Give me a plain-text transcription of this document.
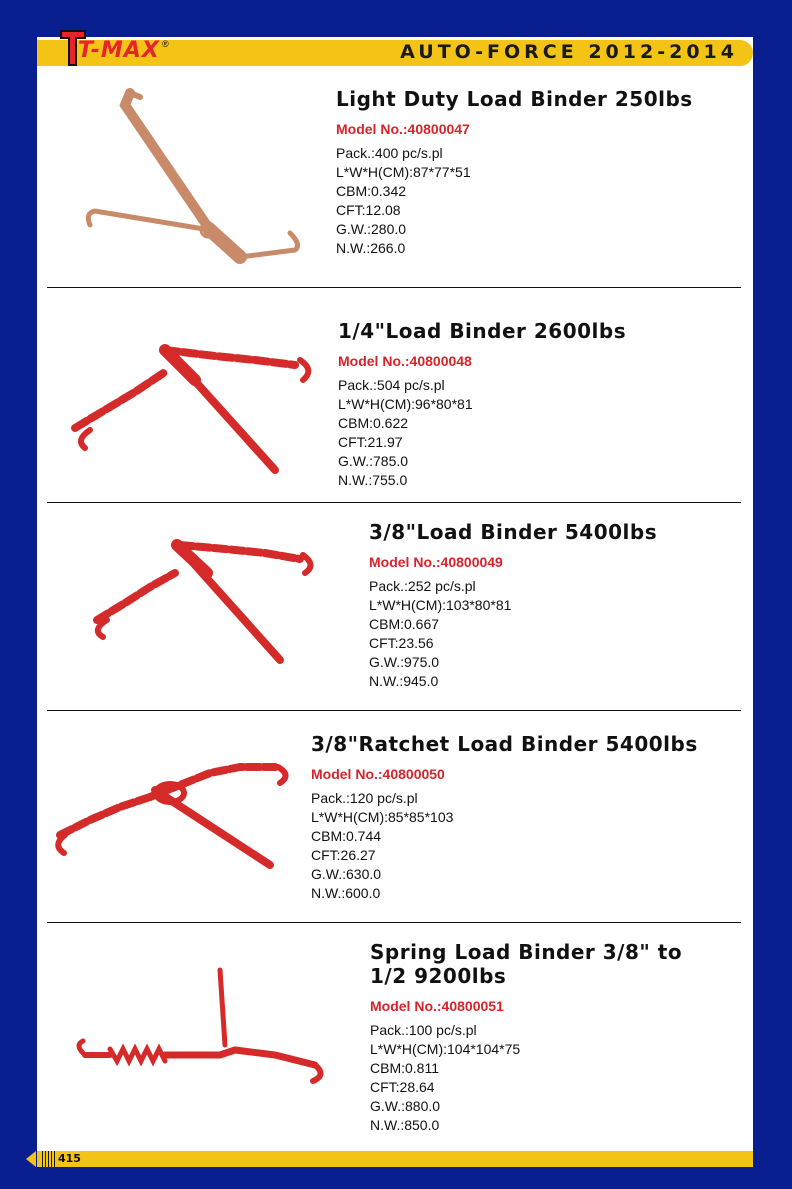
T-MAX ®	AUTO-FORCE 2012-2014
Light Duty Load Binder 250lbs
Model No.:40800047
Pack.:400 pc/s.pl
L*W*H(CM):87*77*51
CBM:0.342
CFT:12.08
G.W.:280.0
N.W.:266.0
1/4"Load Binder 2600lbs
Model No.:40800048
Pack.:504 pc/s.pl
L*W*H(CM):96*80*81
CBM:0.622
CFT:21.97
G.W.:785.0
N.W.:755.0
3/8"Load Binder 5400lbs
Model No.:40800049
Pack.:252 pc/s.pl
L*W*H(CM):103*80*81
CBM:0.667
CFT:23.56
G.W.:975.0
N.W.:945.0
3/8"Ratchet Load Binder 5400lbs
Model No.:40800050
Pack.:120 pc/s.pl
L*W*H(CM):85*85*103
CBM:0.744
CFT:26.27
G.W.:630.0
N.W.:600.0
Spring Load Binder 3/8" to
1/2 9200lbs
Model No.:40800051
Pack.:100 pc/s.pl
L*W*H(CM):104*104*75
CBM:0.811
CFT:28.64
G.W.:880.0
N.W.:850.0
415
